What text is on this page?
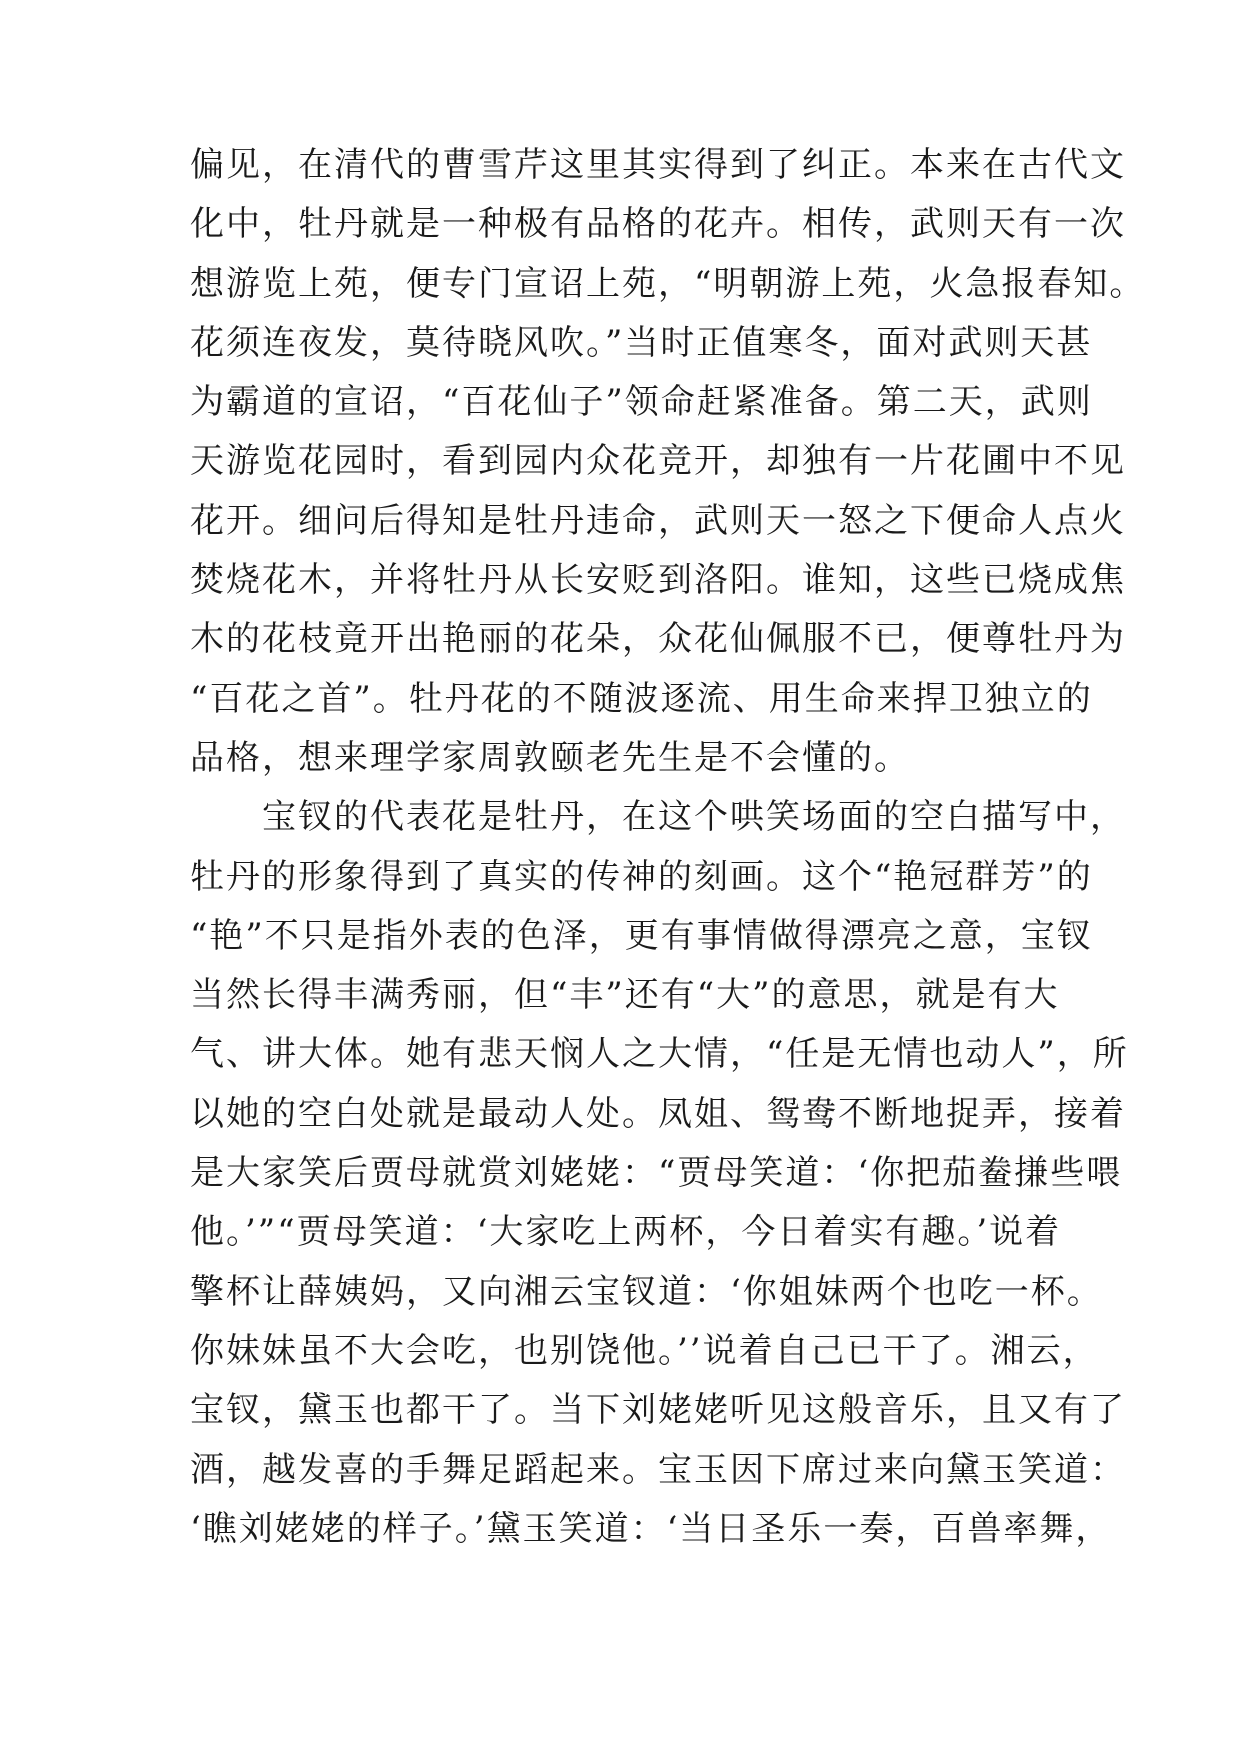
偏见，在清代的曹雪芹这里其实得到了纠正。本来在古代文
化中，牡丹就是一种极有品格的花卉。相传，武则天有一次
想游览上苑，便专门宣诏上苑，“明朝游上苑，火急报春知。
花须连夜发，莫待晓风吹。”当时正值寒冬，面对武则天甚
为霸道的宣诏，“百花仙子”领命赶紧准备。第二天，武则
天游览花园时，看到园内众花竞开，却独有一片花圃中不见
花开。细问后得知是牡丹违命，武则天一怒之下便命人点火
焚烧花木，并将牡丹从长安贬到洛阳。谁知，这些已烧成焦
木的花枝竟开出艳丽的花朵，众花仙佩服不已，便尊牡丹为
“百花之首”。牡丹花的不随波逐流、用生命来捍卫独立的
品格，想来理学家周敦颐老先生是不会懂的。
　　宝钗的代表花是牡丹，在这个哄笑场面的空白描写中，
牡丹的形象得到了真实的传神的刻画。这个“艳冠群芳”的
“艳”不只是指外表的色泽，更有事情做得漂亮之意，宝钗
当然长得丰满秀丽，但“丰”还有“大”的意思，就是有大
气、讲大体。她有悲天悯人之大情，“任是无情也动人”，所
以她的空白处就是最动人处。凤姐、鸳鸯不断地捉弄，接着
是大家笑后贾母就赏刘姥姥：“贾母笑道：‘你把茄鲞搛些喂
他。’”“贾母笑道：‘大家吃上两杯，今日着实有趣。’说着
擎杯让薛姨妈，又向湘云宝钗道：‘你姐妹两个也吃一杯。
你妹妹虽不大会吃，也别饶他。’’说着自己已干了。湘云，
宝钗，黛玉也都干了。当下刘姥姥听见这般音乐，且又有了
酒，越发喜的手舞足蹈起来。宝玉因下席过来向黛玉笑道：
‘瞧刘姥姥的样子。’黛玉笑道：‘当日圣乐一奏，百兽率舞，
